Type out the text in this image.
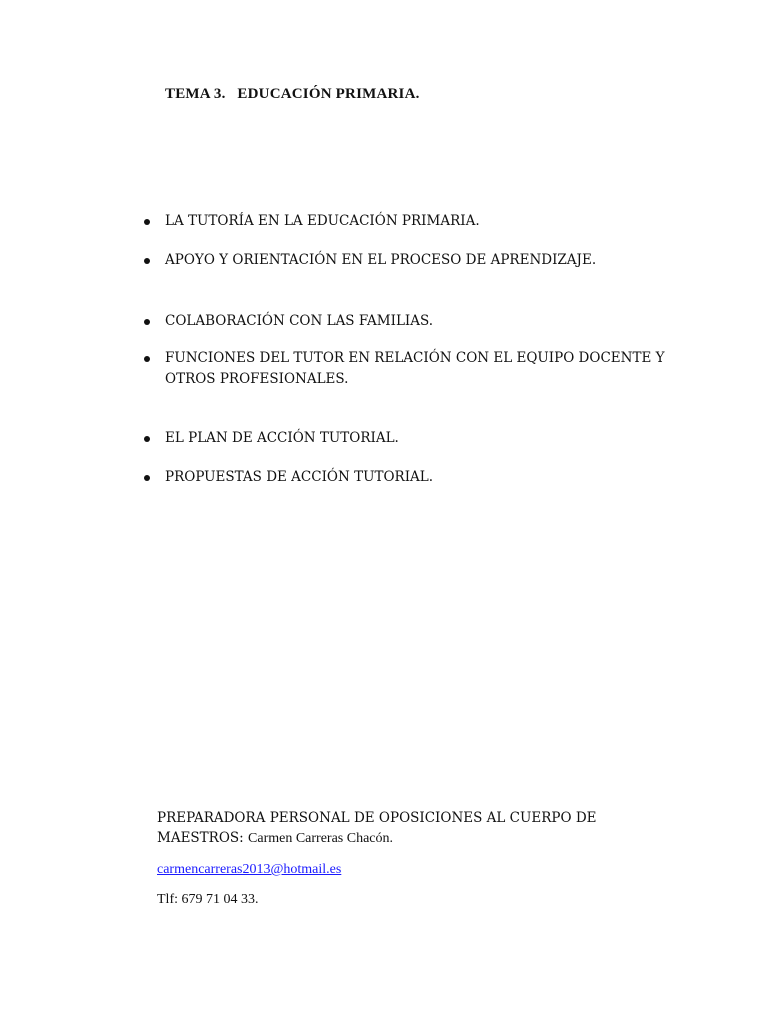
TEMA 3.   EDUCACIÓN PRIMARIA.
LA TUTORÍA EN LA EDUCACIÓN PRIMARIA.
APOYO Y ORIENTACIÓN EN EL PROCESO DE APRENDIZAJE.
COLABORACIÓN CON LAS FAMILIAS.
FUNCIONES DEL TUTOR EN RELACIÓN CON EL EQUIPO DOCENTE Y OTROS PROFESIONALES.
EL PLAN DE ACCIÓN TUTORIAL.
PROPUESTAS DE ACCIÓN TUTORIAL.
PREPARADORA PERSONAL DE OPOSICIONES AL CUERPO DE MAESTROS: Carmen Carreras Chacón.
carmencarreras2013@hotmail.es
Tlf: 679 71 04 33.
